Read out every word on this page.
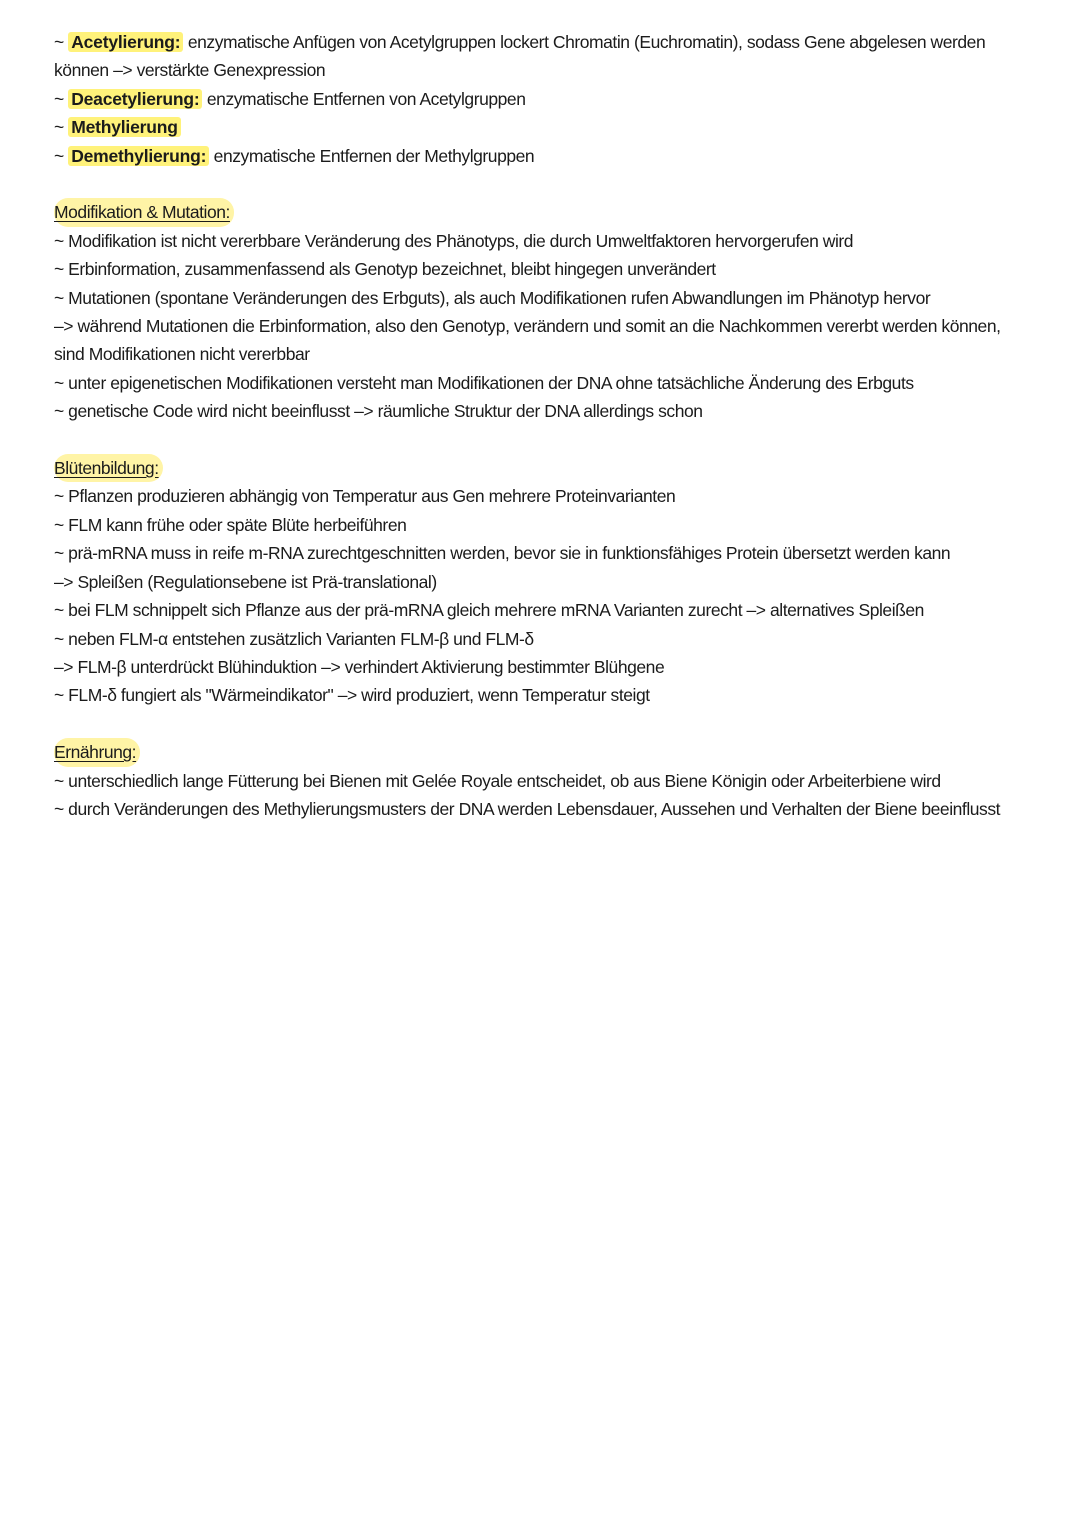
~ Acetylierung: enzymatische Anfügen von Acetylgruppen lockert Chromatin (Euchromatin), sodass Gene abgelesen werden

können –> verstärkte Genexpression

~ Deacetylierung: enzymatische Entfernen von Acetylgruppen

~ Methylierung

~ Demethylierung: enzymatische Entfernen der Methylgruppen

Modifikation & Mutation:

~ Modifikation ist nicht vererbbare Veränderung des Phänotyps, die durch Umweltfaktoren hervorgerufen wird

~ Erbinformation, zusammenfassend als Genotyp bezeichnet, bleibt hingegen unverändert

~ Mutationen (spontane Veränderungen des Erbguts), als auch Modifikationen rufen Abwandlungen im Phänotyp hervor

–> während Mutationen die Erbinformation, also den Genotyp, verändern und somit an die Nachkommen vererbt werden können,

sind Modifikationen nicht vererbbar

~ unter epigenetischen Modifikationen versteht man Modifikationen der DNA ohne tatsächliche Änderung des Erbguts

~ genetische Code wird nicht beeinflusst –> räumliche Struktur der DNA allerdings schon

Blütenbildung:

~ Pflanzen produzieren abhängig von Temperatur aus Gen mehrere Proteinvarianten

~ FLM kann frühe oder späte Blüte herbeiführen

~ prä-mRNA muss in reife m-RNA zurechtgeschnitten werden, bevor sie in funktionsfähiges Protein übersetzt werden kann

–> Spleißen (Regulationsebene ist Prä-translational)

~ bei FLM schnippelt sich Pflanze aus der prä-mRNA gleich mehrere mRNA Varianten zurecht –> alternatives Spleißen

~ neben FLM-α entstehen zusätzlich Varianten FLM-β und FLM-δ

–> FLM-β unterdrückt Blühinduktion –> verhindert Aktivierung bestimmter Blühgene

~ FLM-δ fungiert als "Wärmeindikator" –> wird produziert, wenn Temperatur steigt

Ernährung:

~ unterschiedlich lange Fütterung bei Bienen mit Gelée Royale entscheidet, ob aus Biene Königin oder Arbeiterbiene wird

~ durch Veränderungen des Methylierungsmusters der DNA werden Lebensdauer, Aussehen und Verhalten der Biene beeinflusst
